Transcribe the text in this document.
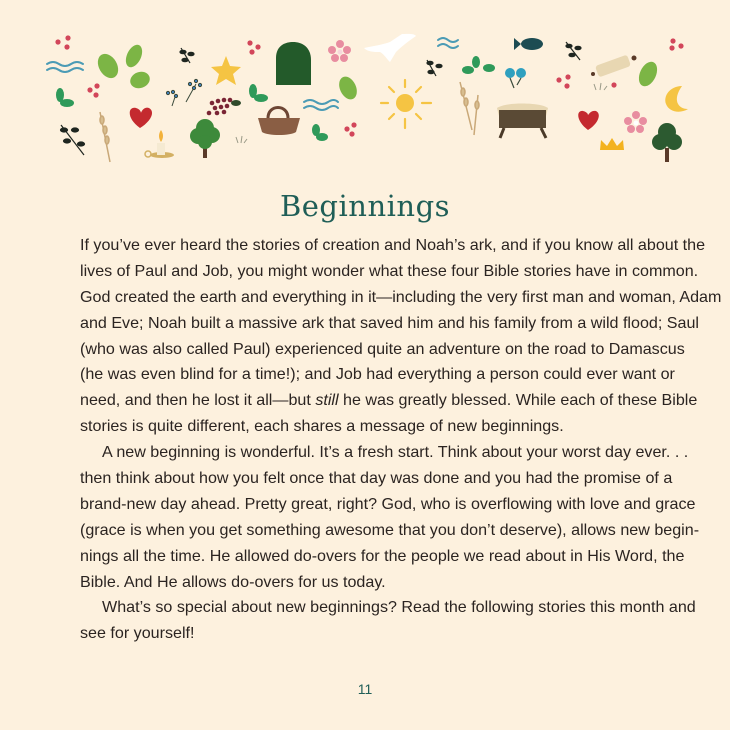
Beginnings
If you’ve ever heard the stories of creation and Noah’s ark, and if you know all about the
lives of Paul and Job, you might wonder what these four Bible stories have in common.
God created the earth and everything in it—including the very first man and woman, Adam
and Eve; Noah built a massive ark that saved him and his family from a wild flood; Saul
(who was also called Paul) experienced quite an adventure on the road to Damascus
(he was even blind for a time!); and Job had everything a person could ever want or
need, and then he lost it all—but still he was greatly blessed. While each of these Bible
stories is quite different, each shares a message of new beginnings.
A new beginning is wonderful. It’s a fresh start. Think about your worst day ever. . .
then think about how you felt once that day was done and you had the promise of a
brand-new day ahead. Pretty great, right? God, who is overflowing with love and grace
(grace is when you get something awesome that you don’t deserve), allows new begin-
nings all the time. He allowed do-overs for the people we read about in His Word, the
Bible. And He allows do-overs for us today.
What’s so special about new beginnings? Read the following stories this month and
see for yourself!
11
